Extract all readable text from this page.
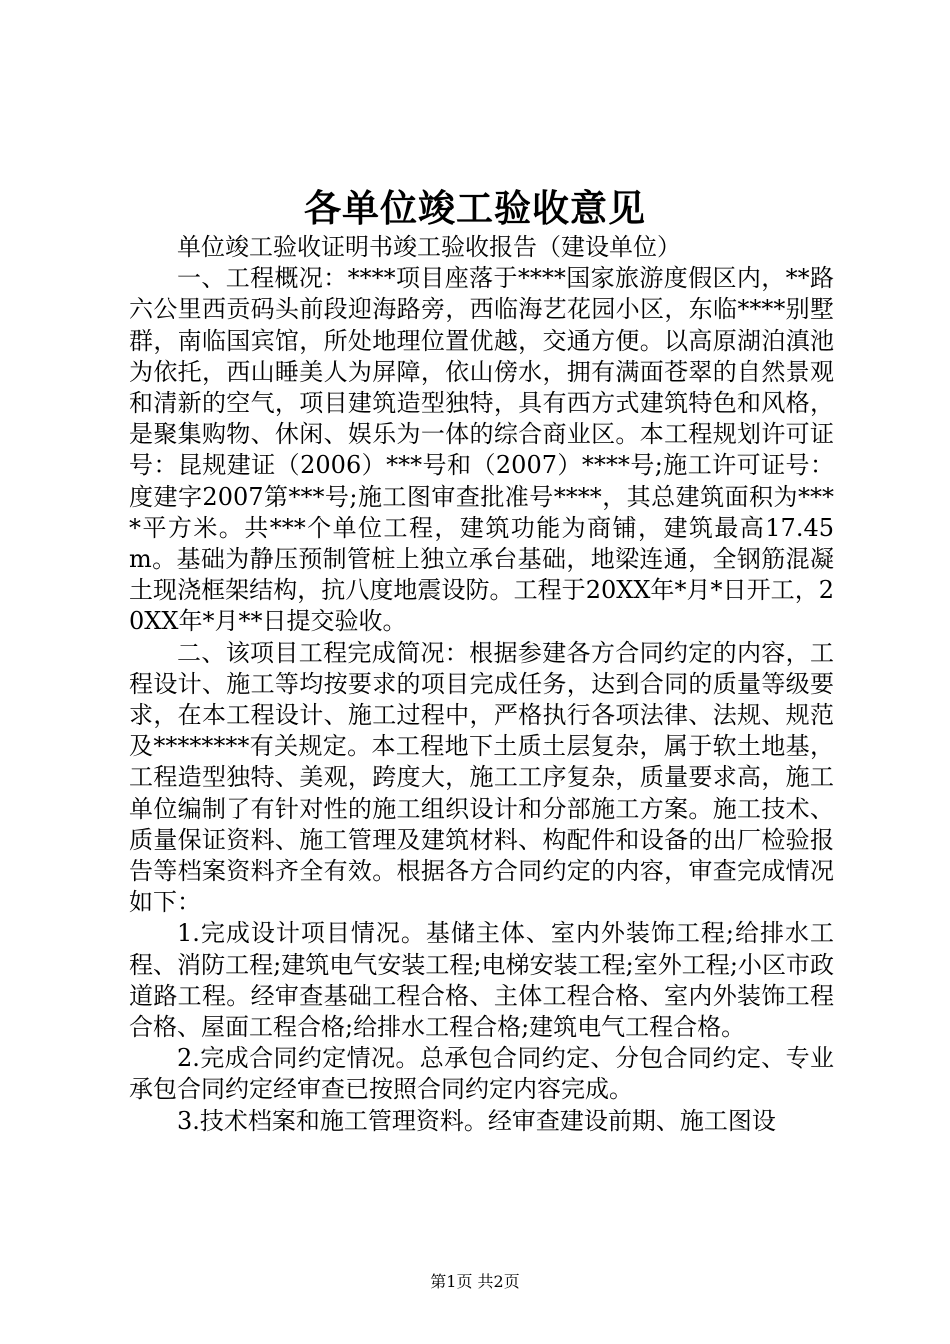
各单位竣工验收意见

单位竣工验收证明书竣工验收报告（建设单位）

一、工程概况：****项目座落于****国家旅游度假区内，**路六公里西贡码头前段迎海路旁，西临海艺花园小区，东临****别墅群，南临国宾馆，所处地理位置优越，交通方便。以高原湖泊滇池为依托，西山睡美人为屏障，依山傍水，拥有满面苍翠的自然景观和清新的空气，项目建筑造型独特，具有西方式建筑特色和风格，是聚集购物、休闲、娱乐为一体的综合商业区。本工程规划许可证号：昆规建证（2006）***号和（2007）****号;施工许可证号：度建字2007第***号;施工图审查批准号****，其总建筑面积为****平方米。共***个单位工程，建筑功能为商铺，建筑最高17.45m。基础为静压预制管桩上独立承台基础，地梁连通，全钢筋混凝土现浇框架结构，抗八度地震设防。工程于20XX年*月*日开工，20XX年*月**日提交验收。

二、该项目工程完成简况：根据参建各方合同约定的内容，工程设计、施工等均按要求的项目完成任务，达到合同的质量等级要求，在本工程设计、施工过程中，严格执行各项法律、法规、规范及********有关规定。本工程地下土质土层复杂，属于软土地基，工程造型独特、美观，跨度大，施工工序复杂，质量要求高，施工单位编制了有针对性的施工组织设计和分部施工方案。施工技术、质量保证资料、施工管理及建筑材料、构配件和设备的出厂检验报告等档案资料齐全有效。根据各方合同约定的内容，审查完成情况如下：

1.完成设计项目情况。基储主体、室内外装饰工程;给排水工程、消防工程;建筑电气安装工程;电梯安装工程;室外工程;小区市政道路工程。经审查基础工程合格、主体工程合格、室内外装饰工程合格、屋面工程合格;给排水工程合格;建筑电气工程合格。

2.完成合同约定情况。总承包合同约定、分包合同约定、专业承包合同约定经审查已按照合同约定内容完成。

3.技术档案和施工管理资料。经审查建设前期、施工图设

第1页 共2页
